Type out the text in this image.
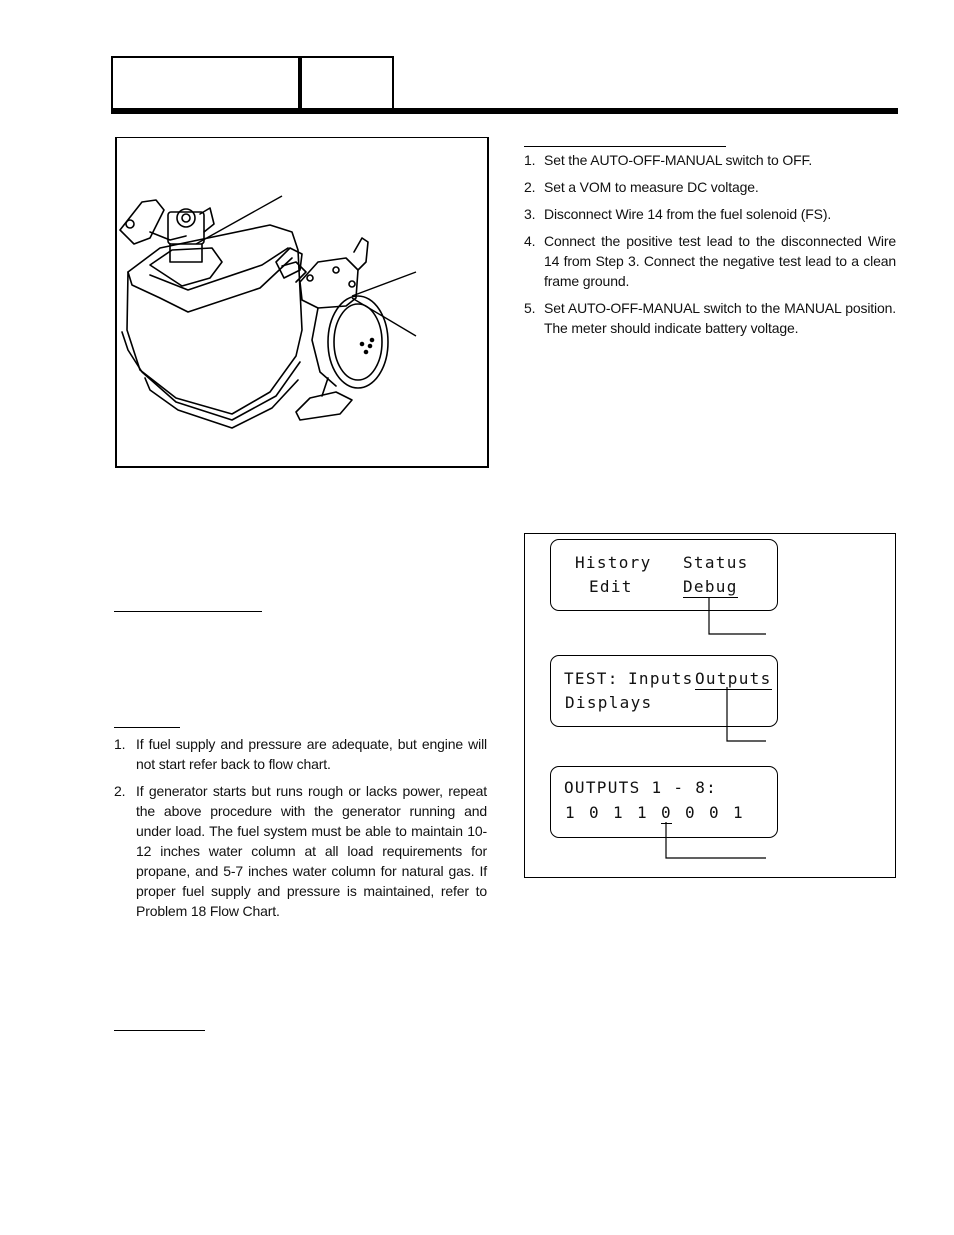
1. Set the AUTO-OFF-MANUAL switch to OFF.
2. Set a VOM to measure DC voltage.
3. Disconnect Wire 14 from the fuel solenoid (FS).
4. Connect the positive test lead to the disconnected Wire 14 from Step 3. Connect the negative test lead to a clean frame ground.
5. Set AUTO-OFF-MANUAL switch to the MANUAL position. The meter should indicate battery voltage.
1. If fuel supply and pressure are adequate, but engine will not start refer back to flow chart.
2. If generator starts but runs rough or lacks power, repeat the above procedure with the generator running and under load. The fuel system must be able to maintain 10-12 inches water column at all load requirements for propane, and 5-7 inches water column for natural gas. If proper fuel supply and pressure is maintained, refer to Problem 18 Flow Chart.
History Status
Edit	Debug
TEST: Inputs Outputs
Displays
OUTPUTS 1 - 8:
1 0 1 1 0 0 0 1
